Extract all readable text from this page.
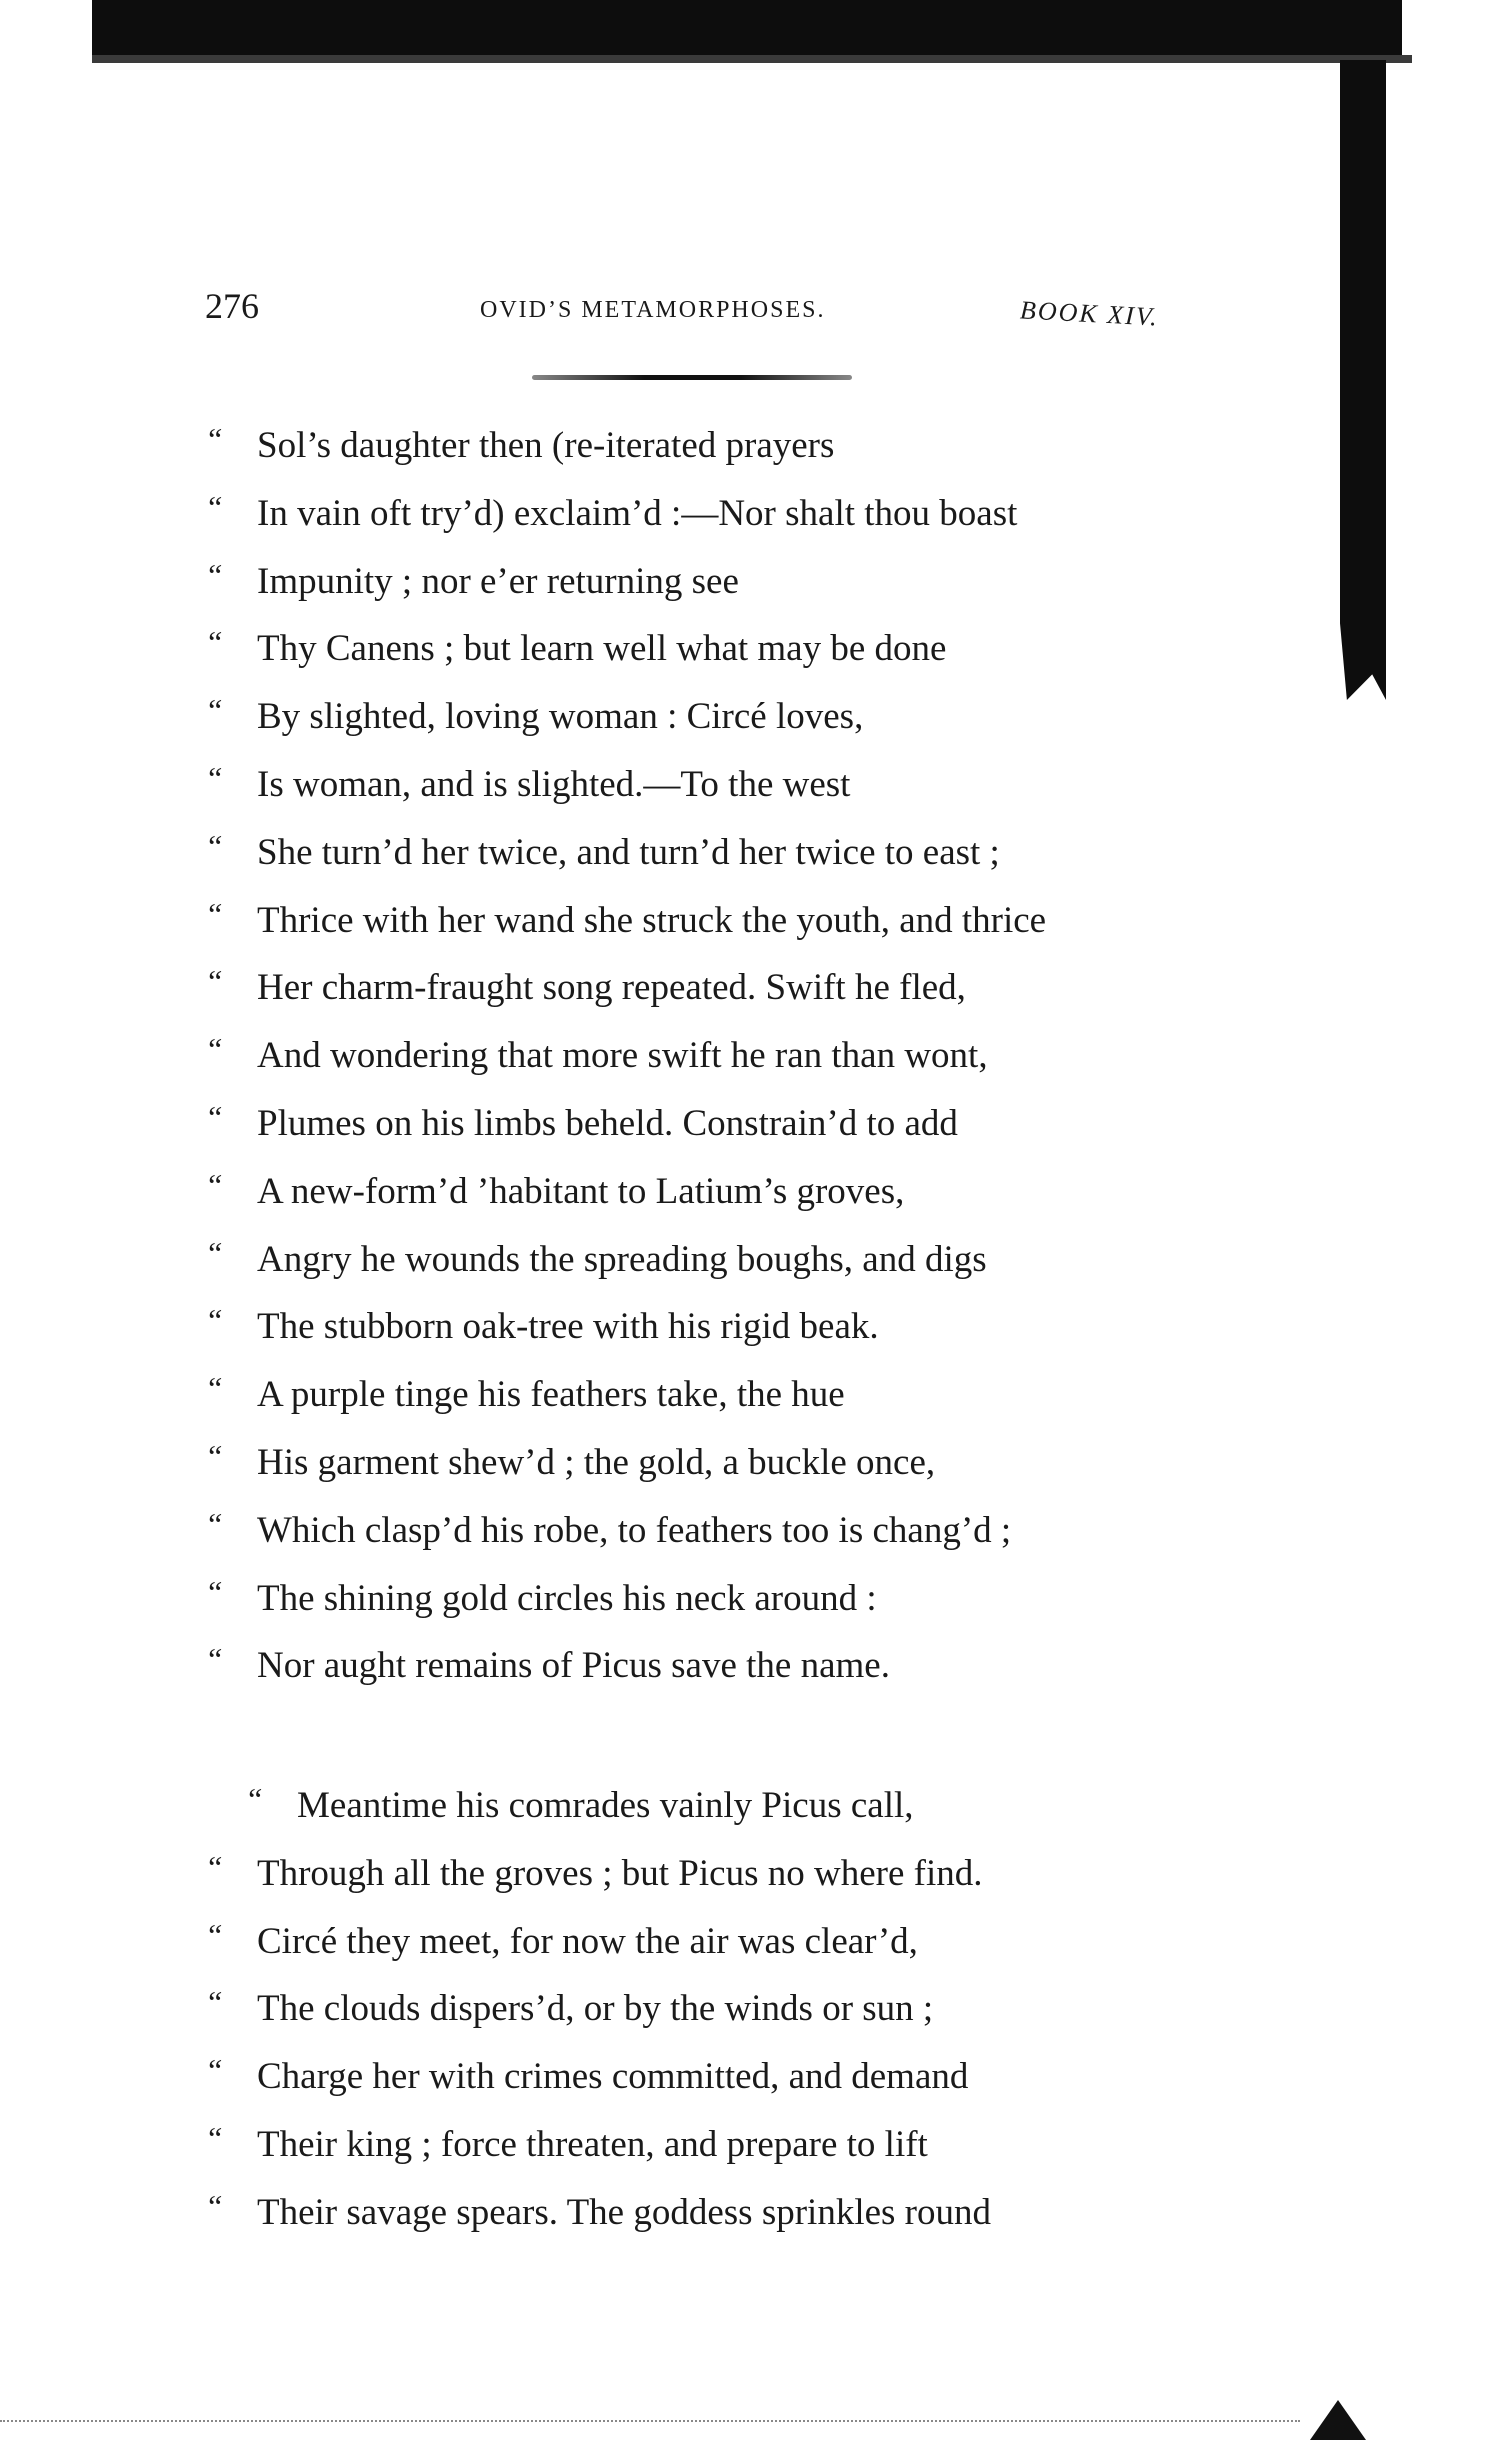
276	OVID’S METAMORPHOSES.	BOOK XIV.
“ Sol’s daughter then (re-iterated prayers
“ In vain oft try’d) exclaim’d :—Nor shalt thou boast
“ Impunity ; nor e’er returning see
“ Thy Canens ; but learn well what may be done
“ By slighted, loving woman : Circé loves,
“ Is woman, and is slighted.—To the west
“ She turn’d her twice, and turn’d her twice to east ;
“ Thrice with her wand she struck the youth, and thrice
“ Her charm-fraught song repeated. Swift he fled,
“ And wondering that more swift he ran than wont,
“ Plumes on his limbs beheld. Constrain’d to add
“ A new-form’d ’habitant to Latium’s groves,
“ Angry he wounds the spreading boughs, and digs
“ The stubborn oak-tree with his rigid beak.
“ A purple tinge his feathers take, the hue
“ His garment shew’d ; the gold, a buckle once,
“ Which clasp’d his robe, to feathers too is chang’d ;
“ The shining gold circles his neck around :
“ Nor aught remains of Picus save the name.
“ Meantime his comrades vainly Picus call,
“ Through all the groves ; but Picus no where find.
“ Circé they meet, for now the air was clear’d,
“ The clouds dispers’d, or by the winds or sun ;
“ Charge her with crimes committed, and demand
“ Their king ; force threaten, and prepare to lift
“ Their savage spears. The goddess sprinkles round
